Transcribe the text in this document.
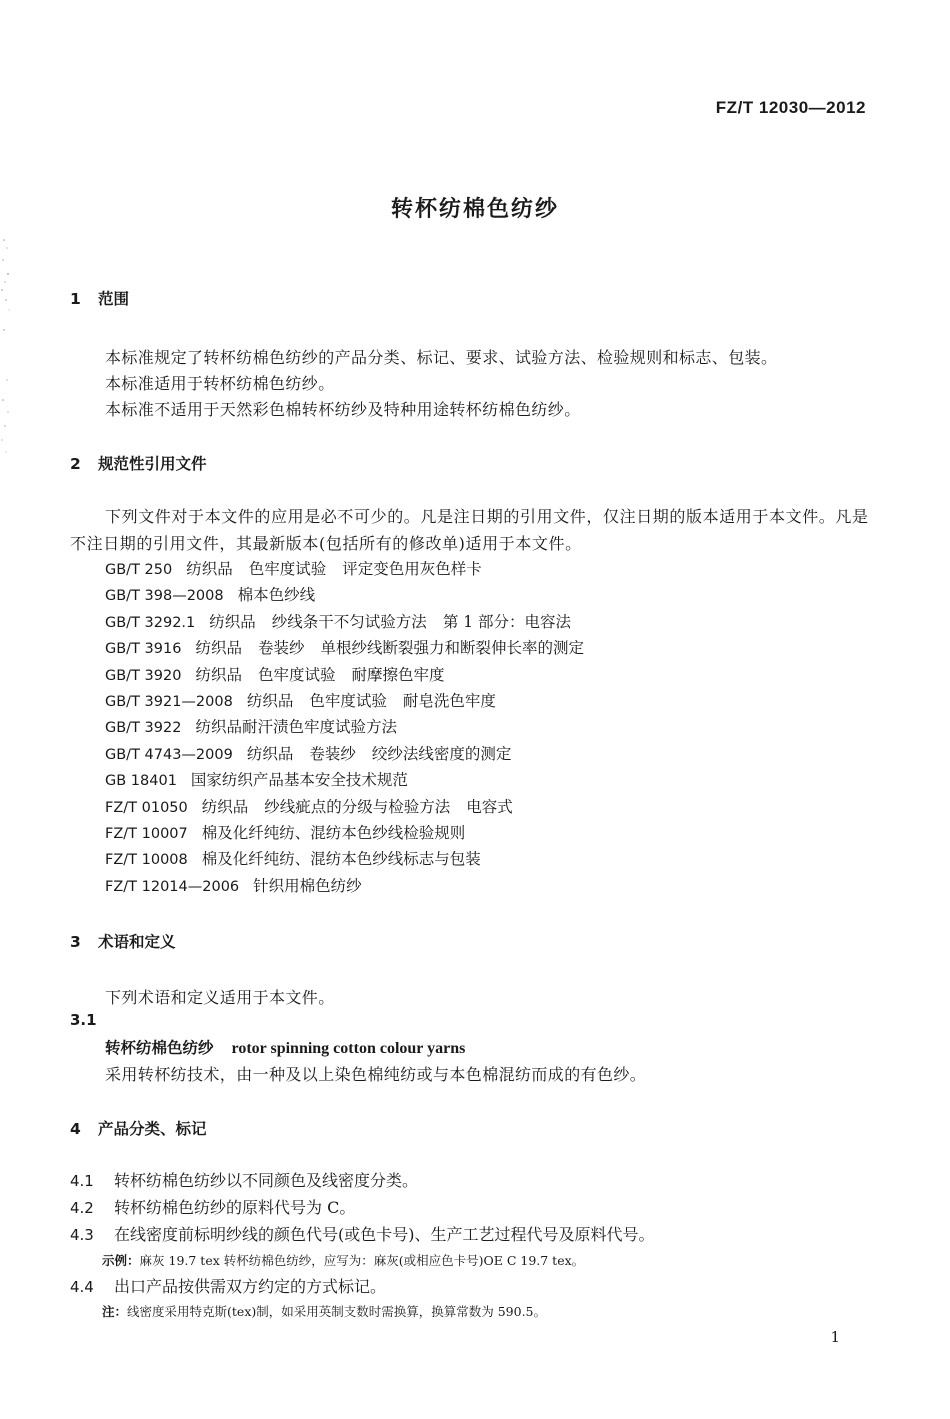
FZ/T 12030—2012
转杯纺棉色纺纱
1 范围
本标准规定了转杯纺棉色纺纱的产品分类、标记、要求、试验方法、检验规则和标志、包装。
本标准适用于转杯纺棉色纺纱。
本标准不适用于天然彩色棉转杯纺纱及特种用途转杯纺棉色纺纱。
2 规范性引用文件
下列文件对于本文件的应用是必不可少的。凡是注日期的引用文件，仅注日期的版本适用于本文件。凡是不注日期的引用文件，其最新版本(包括所有的修改单)适用于本文件。
GB/T 250 纺织品 色牢度试验 评定变色用灰色样卡
GB/T 398—2008 棉本色纱线
GB/T 3292.1 纺织品 纱线条干不匀试验方法 第 1 部分：电容法
GB/T 3916 纺织品 卷装纱 单根纱线断裂强力和断裂伸长率的测定
GB/T 3920 纺织品 色牢度试验 耐摩擦色牢度
GB/T 3921—2008 纺织品 色牢度试验 耐皂洗色牢度
GB/T 3922 纺织品耐汗渍色牢度试验方法
GB/T 4743—2009 纺织品 卷装纱 绞纱法线密度的测定
GB 18401 国家纺织产品基本安全技术规范
FZ/T 01050 纺织品 纱线疵点的分级与检验方法 电容式
FZ/T 10007 棉及化纤纯纺、混纺本色纱线检验规则
FZ/T 10008 棉及化纤纯纺、混纺本色纱线标志与包装
FZ/T 12014—2006 针织用棉色纺纱
3 术语和定义
下列术语和定义适用于本文件。
3.1
转杯纺棉色纺纱 rotor spinning cotton colour yarns
采用转杯纺技术，由一种及以上染色棉纯纺或与本色棉混纺而成的有色纱。
4 产品分类、标记
4.1 转杯纺棉色纺纱以不同颜色及线密度分类。
4.2 转杯纺棉色纺纱的原料代号为 C。
4.3 在线密度前标明纱线的颜色代号(或色卡号)、生产工艺过程代号及原料代号。
示例：麻灰 19.7 tex 转杯纺棉色纺纱，应写为：麻灰(或相应色卡号)OE C 19.7 tex。
4.4 出口产品按供需双方约定的方式标记。
注：线密度采用特克斯(tex)制，如采用英制支数时需换算，换算常数为 590.5。
1
